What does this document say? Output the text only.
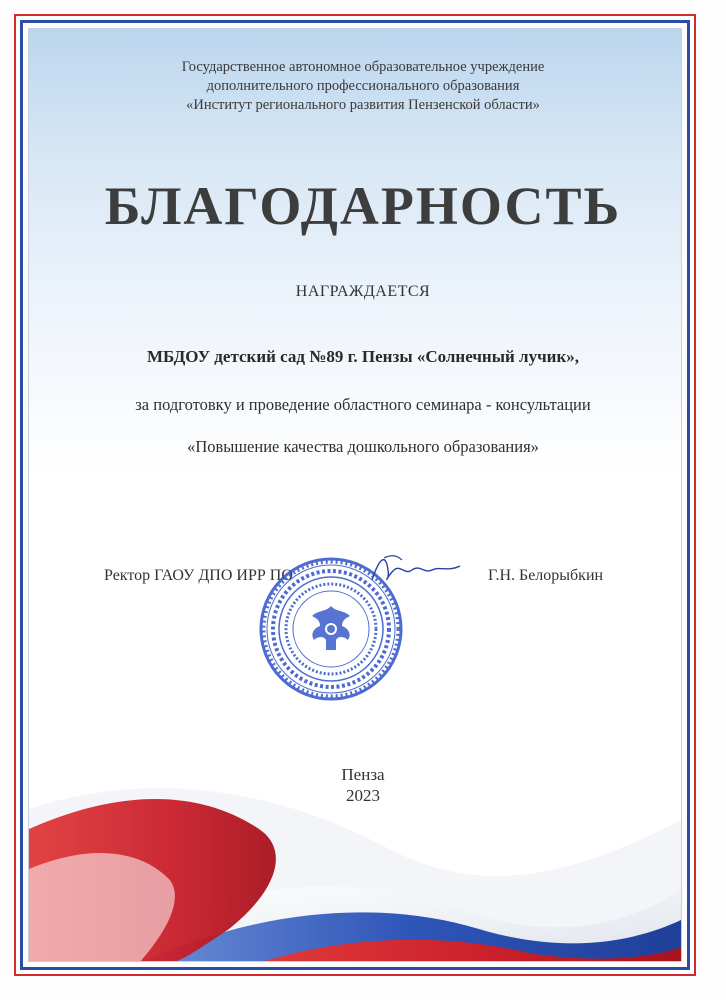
Государственное автономное образовательное учреждение
дополнительного профессионального образования
«Институт регионального развития Пензенской области»
БЛАГОДАРНОСТЬ
НАГРАЖДАЕТСЯ
МБДОУ детский сад №89 г. Пензы «Солнечный лучик»,
за подготовку и проведение областного семинара - консультации
«Повышение качества дошкольного образования»
Ректор ГАОУ ДПО ИРР ПО	Г.Н. Белорыбкин
Пенза
2023
